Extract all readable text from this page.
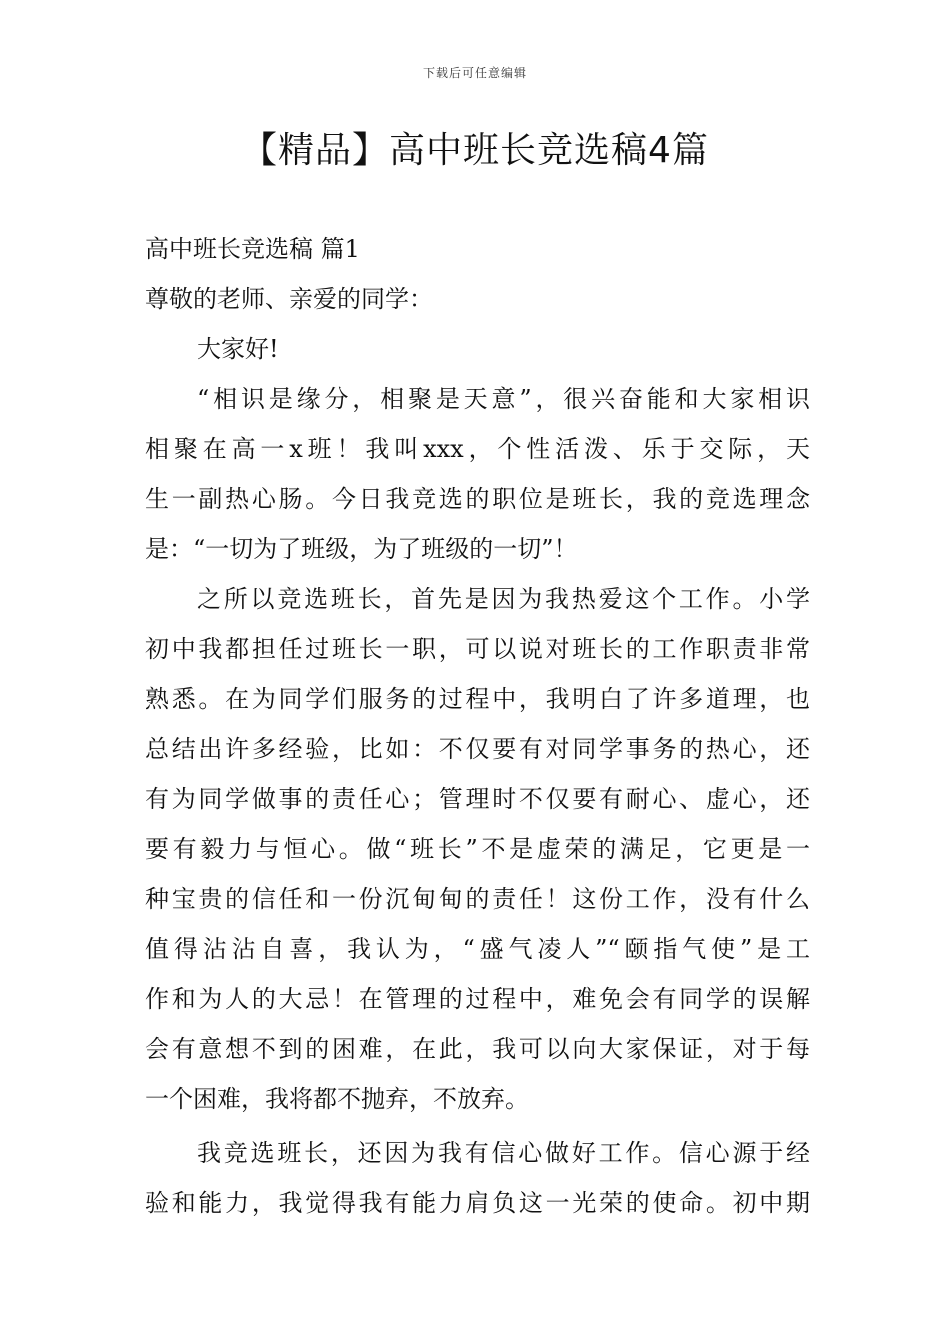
下载后可任意编辑
【精品】高中班长竞选稿4篇
高中班长竞选稿 篇1
尊敬的老师、亲爱的同学：
大家好!
“相识是缘分，相聚是天意”，很兴奋能和大家相识
相聚在高一x班！我叫xxx，个性活泼、乐于交际，天
生一副热心肠。今日我竞选的职位是班长，我的竞选理念
是：“一切为了班级，为了班级的一切”！
之所以竞选班长，首先是因为我热爱这个工作。小学
初中我都担任过班长一职，可以说对班长的工作职责非常
熟悉。在为同学们服务的过程中，我明白了许多道理，也
总结出许多经验，比如：不仅要有对同学事务的热心，还
有为同学做事的责任心；管理时不仅要有耐心、虚心，还
要有毅力与恒心。做“班长”不是虚荣的满足，它更是一
种宝贵的信任和一份沉甸甸的责任！这份工作，没有什么
值得沾沾自喜，我认为，“盛气凌人”“颐指气使”是工
作和为人的大忌！在管理的过程中，难免会有同学的误解
会有意想不到的困难，在此，我可以向大家保证，对于每
一个困难，我将都不抛弃，不放弃。
我竞选班长，还因为我有信心做好工作。信心源于经
验和能力，我觉得我有能力肩负这一光荣的使命。初中期
